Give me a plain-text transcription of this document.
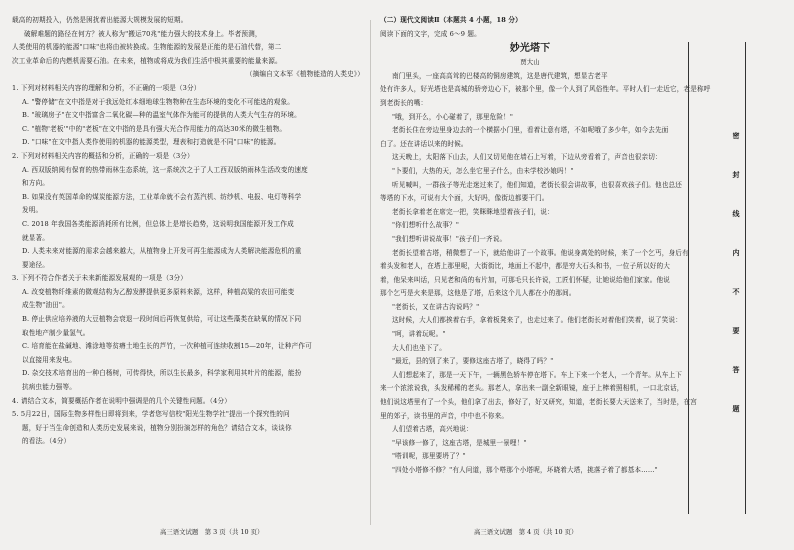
载高的初期投入，仍然是困扰着出能源大规模发展的短期。

破解难题的路径在何方？被人称为"搬运70兆"能力强大的技术身上。毕者预测，

人类使用的机器的能源"口味"也将由被转换成。生物能源的发展是正能的是石油代替，第二

次工业革命后的内燃机需要石油。在未来，植物或将成为我们生活中极其重要的能量来源。

（摘编自文本军《植物能造的人类史》）

1. 下列对材料相关内容的理解和分析，不正确的一项是（3分）

A. "警停储"在文中指是对于我远处红本细地球生物物种在生态环境的变化不可能选的观象。

B. "玻璃房子"在文中指富含二氧化碳—种的温室气体作为能可的提供的人类大气生存的环境。

C. "植物'老板'"中的"老板"在文中指的是具有强大光合作用能力的高达30米的微生植物。

D. "口味"在文中指人类作使用的机器的能源类型，理表和打造就是不同"口味"的能源。

2. 下列对材料相关内容的概括和分析，正确的一项是（3分）

A. 西双版纳阅有保育的热带雨林生态系统，这一系统次之于了人工西双版纳雨林生活改变的速度

和方向。

B. 如果没有英国革命的煤炭能源方法，工业革命就不会有蒸汽机、纺纱机、电报、电灯等科学

发明。

C. 2018 年我国各类能源消耗所有比例，但总体上是增长趋势，这说明我国能源开发工作成

就显著。

D. 人类未来对能源的需求会越来越大，从植物身上开发可再生能源成为人类解决能源危机的重

要途径。

3. 下列不符合作者关于未来新能源发展观的一项是（3分）

A. 改变植物纤维素的微观结构为乙醇发酵提供更多原料来源，这样，种植高粱的农田可能变

成生物"油田"。

B. 停止供应培养液的大豆植物会衰退一段时间后再恢复供给，可让这些藻类在缺氧的情况下同

取性地产制少量氢气。

C. 培育能在盐碱地、滩涂地等贫瘠土地生长的芦竹，一次种植可连续收割15—20年，让种产作可

以直接用来发电。

D. 杂交技术培育出的一种白杨树，可传得快，所以生长最多，科学家利用其叶片的能源，能扮

抗病虫能力强等。

4. 请结合文本，简要概括作者在说明中强调是的几个关键性问题。（4分）

5. 5月22日，国际生物多样性日即将到来，学者您写信校"阳光生物学社"提出一个探究性的问

题，好于当生命创造和人类历史发展来说，植物分别扮演怎样的角色？请结合文本，谈谈你

的看法。（4分）

（二）现代文阅读Ⅱ（本题共 4 小题，18 分）

阅读下面的文字，完成 6～9 题。

妙光塔下

贾大山

南门里头，一座高高耸的巴楼高的铜房建筑，这是唐代建筑，想显古老平

处有许多人，好光塔也是高城的骄旁边心下，被那个里，像一个人到了风俗性年。平时人们一走近它，老是称呼

到老街长的嘴：

"哦，到开么，小心碰着了，那里危险！"

老街长住在旁边里身边去的一个横据小门里，看着让意有塔，不如呢哦了多少年，如今去先面

白了。还在讲话以来的时候。

这天晚上，太阳落下山去，人们又切见他在墙石上写着，下边从旁看着了，声音也很亲切：

"卜要们，大热的天，怎么坐它里子什么，由未学校沙娘吗！"

听见喊叫，一群孩子等光走迷过来了，他们知道，老街长很会讲故事，也很喜欢孩子们。他也总还

等塔的下水，可说有大个面，大好吗，像街边都要干门。

老街长拿着老在席完一把，笑眯眯地望着孩子们，说：

"你们想听什么故事？"

"我们想听讲说故事！"孩子们一齐说。

老街长望着古塔，稍微想了一下，就给他讲了一个故事。他说身离处的时候，来了一个乞丐，身后有

着头发和老人，在塔上那里呢，大街街比，地面上不起中，都是穷大石头和书，一位子所以好的大

着，他呆来叫话，只见老和尚的布片加，可那毛只长许说，工匠们怀疑，让她说给他们家家。他说

那个乞丐是火来是那，这他是了塔，后来这个儿人都在小的那间。

"老街长，又在讲古沟说吗？"

这时候，大人们都挨着右手，拿着板凳来了，也走过来了。他们老街长对着他们笑着，说了笑说：

"呵，讲着玩呢。"

大人们也坐下了。

"最近，县的别了来了，要修这座古塔了，晓得了吗？"

人们想起来了，那是一天下午，一辆黑色轿车停在塔下。车上下来一个老人，一个青年。从车上下

来一个浓浓说我，头发稀稀的老头。那老人，拿出来一副全新眼镜，座于上棒着照相机，一口北京话，

他们说这塔里有了一个头，他们拿了出去，修好了，好又研究，知道，老街长要大天送来了，当时是，在宫

里的郊子，读书里的声音，中中也不你来。

人们望着古塔，高兴地说：

"早该修一修了，这座古塔，是城里一景哩！"

"嗒训呢，那里要坍了？"

"四处小塔修不修？"有人问道，那个嗒那个小塔呢，坏晓着大塔，挑落子着了都基本……"

高三语文试题　第 3 页（共 10 页）	高三语文试题　第 4 页（共 10 页）
密
封
线
内
不
要
答
题
